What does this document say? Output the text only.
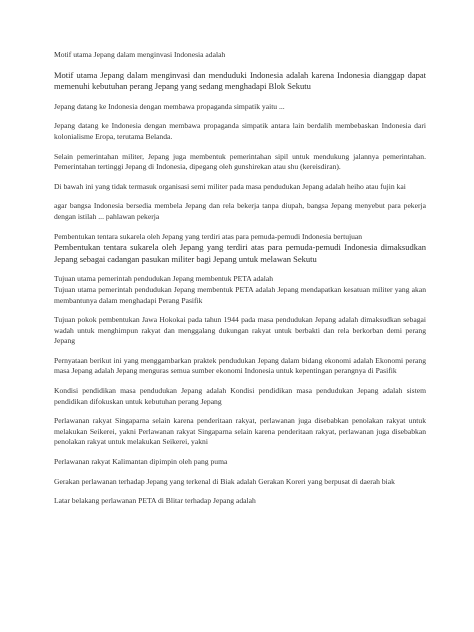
Motif utama Jepang dalam menginvasi Indonesia adalah

Motif utama Jepang dalam menginvasi dan menduduki Indonesia adalah karena Indonesia dianggap dapat memenuhi kebutuhan perang Jepang yang sedang menghadapi Blok Sekutu

Jepang datang ke Indonesia dengan membawa propaganda simpatik yaitu ...

Jepang datang ke Indonesia dengan membawa propaganda simpatik antara lain berdalih membebaskan Indonesia dari kolonialisme Eropa, terutama Belanda.

Selain pemerintahan militer, Jepang juga membentuk pemerintahan sipil untuk mendukung jalannya pemerintahan. Pemerintahan tertinggi Jepang di Indonesia, dipegang oleh gunshirekan atau shu (kereisdiran).

Di bawah ini yang tidak termasuk organisasi semi militer pada masa pendudukan Jepang adalah heiho atau fujin kai

agar bangsa Indonesia bersedia membela Jepang dan rela bekerja tanpa diupah, bangsa Jepang menyebut para pekerja dengan istilah ... pahlawan pekerja

Pembentukan tentara sukarela oleh Jepang yang terdiri atas para pemuda-pemudi Indonesia bertujuan

Pembentukan tentara sukarela oleh Jepang yang terdiri atas para pemuda-pemudi Indonesia dimaksudkan Jepang sebagai cadangan pasukan militer bagi Jepang untuk melawan Sekutu

Tujuan utama pemerintah pendudukan Jepang membentuk PETA adalah

Tujuan utama pemerintah pendudukan Jepang membentuk PETA adalah Jepang mendapatkan kesatuan militer yang akan membantunya dalam menghadapi Perang Pasifik

Tujuan pokok pembentukan Jawa Hokokai pada tahun 1944 pada masa pendudukan Jepang adalah dimaksudkan sebagai wadah untuk menghimpun rakyat dan menggalang dukungan rakyat untuk berbakti dan rela berkorban demi perang Jepang

Pernyataan berikut ini yang menggambarkan praktek pendudukan Jepang dalam bidang ekonomi adalah Ekonomi perang masa Jepang adalah Jepang menguras semua sumber ekonomi Indonesia untuk kepentingan perangnya di Pasifik

Kondisi pendidikan masa pendudukan Jepang adalah Kondisi pendidikan masa pendudukan Jepang adalah sistem pendidikan difokuskan untuk kebutuhan perang Jepang

Perlawanan rakyat Singaparna selain karena penderitaan rakyat, perlawanan juga disebabkan penolakan rakyat untuk melakukan Seikerei, yakni Perlawanan rakyat Singaparna selain karena penderitaan rakyat, perlawanan juga disebabkan penolakan rakyat untuk melakukan Seikerei, yakni

Perlawanan rakyat Kalimantan dipimpin oleh pang puma

Gerakan perlawanan terhadap Jepang yang terkenal di Biak adalah Gerakan Koreri yang berpusat di daerah biak

Latar belakang perlawanan PETA di Blitar terhadap Jepang adalah
